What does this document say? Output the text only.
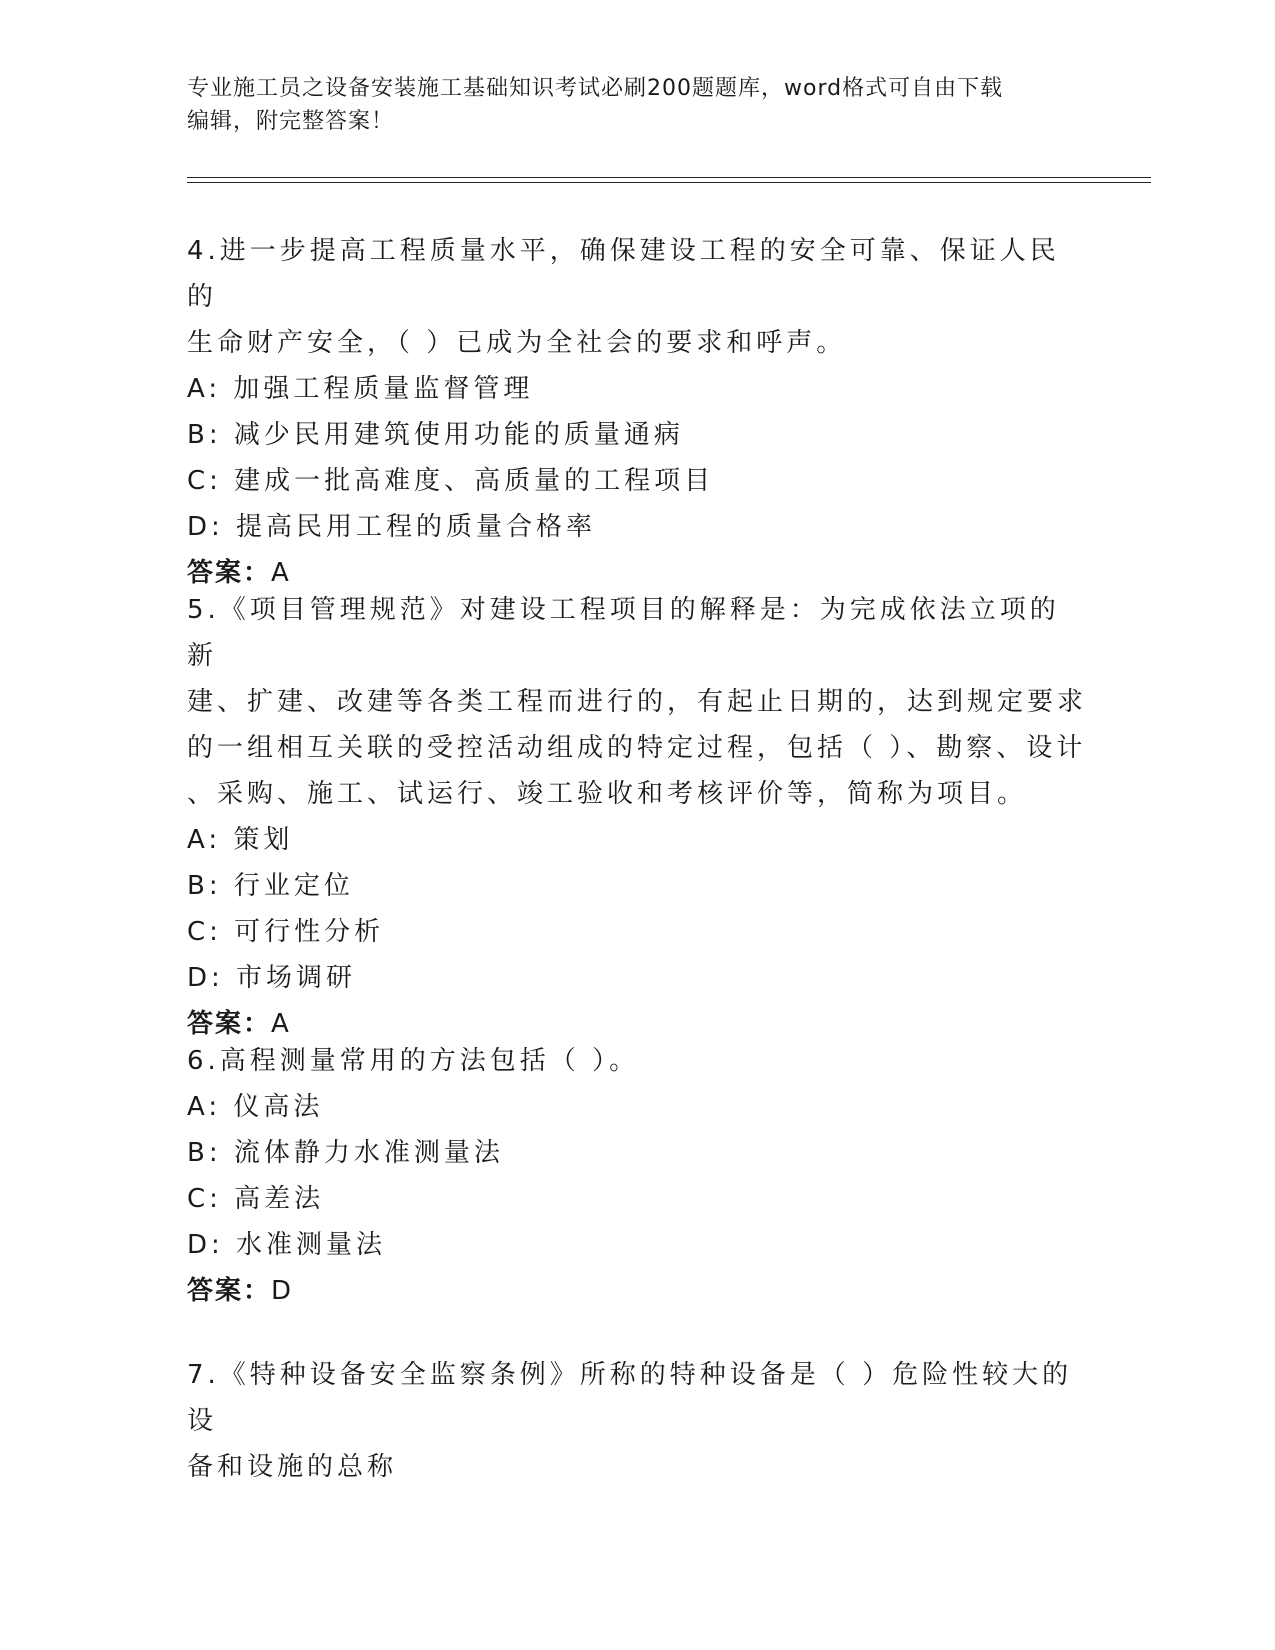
专业施工员之设备安装施工基础知识考试必刷200题题库，word格式可自由下载
编辑，附完整答案！
4.进一步提高工程质量水平，确保建设工程的安全可靠、保证人民的
生命财产安全，（ ）已成为全社会的要求和呼声。
A: 加强工程质量监督管理
B: 减少民用建筑使用功能的质量通病
C: 建成一批高难度、高质量的工程项目
D: 提高民用工程的质量合格率
答案：A
5.《项目管理规范》对建设工程项目的解释是：为完成依法立项的新
建、扩建、改建等各类工程而进行的，有起止日期的，达到规定要求
的一组相互关联的受控活动组成的特定过程，包括（ ）、勘察、设计
、采购、施工、试运行、竣工验收和考核评价等，简称为项目。
A: 策划
B: 行业定位
C: 可行性分析
D: 市场调研
答案：A
6.高程测量常用的方法包括（ ）。
A: 仪高法
B: 流体静力水准测量法
C: 高差法
D: 水准测量法
答案：D
7.《特种设备安全监察条例》所称的特种设备是（ ）危险性较大的设
备和设施的总称
